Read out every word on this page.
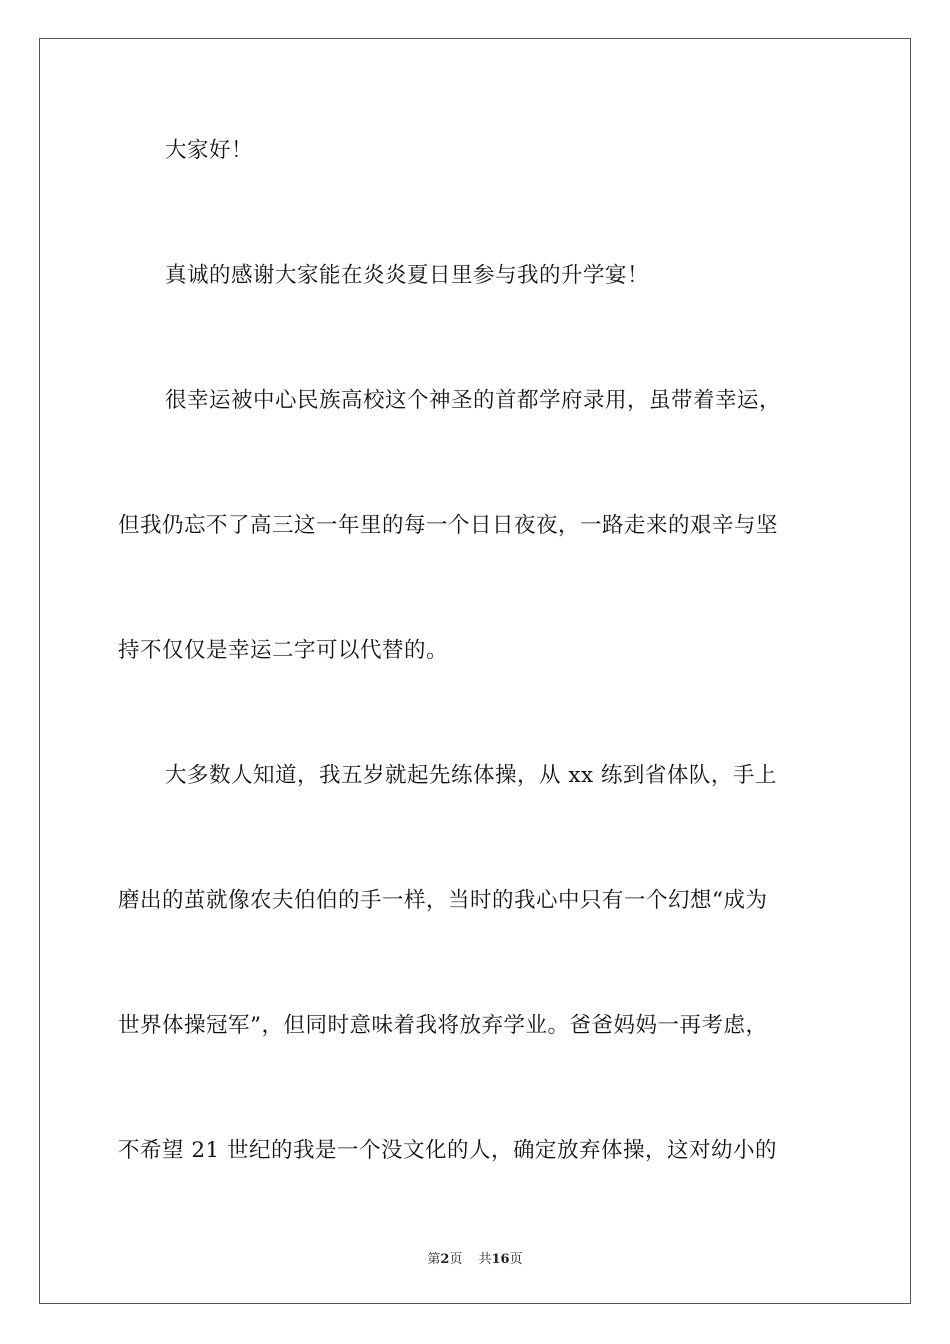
大家好！
真诚的感谢大家能在炎炎夏日里参与我的升学宴！
很幸运被中心民族高校这个神圣的首都学府录用，虽带着幸运，
但我仍忘不了高三这一年里的每一个日日夜夜，一路走来的艰辛与坚
持不仅仅是幸运二字可以代替的。
大多数人知道，我五岁就起先练体操，从 xx 练到省体队，手上
磨出的茧就像农夫伯伯的手一样，当时的我心中只有一个幻想“成为
世界体操冠军”，但同时意味着我将放弃学业。爸爸妈妈一再考虑，
不希望 21 世纪的我是一个没文化的人，确定放弃体操，这对幼小的
第2页 共16页
